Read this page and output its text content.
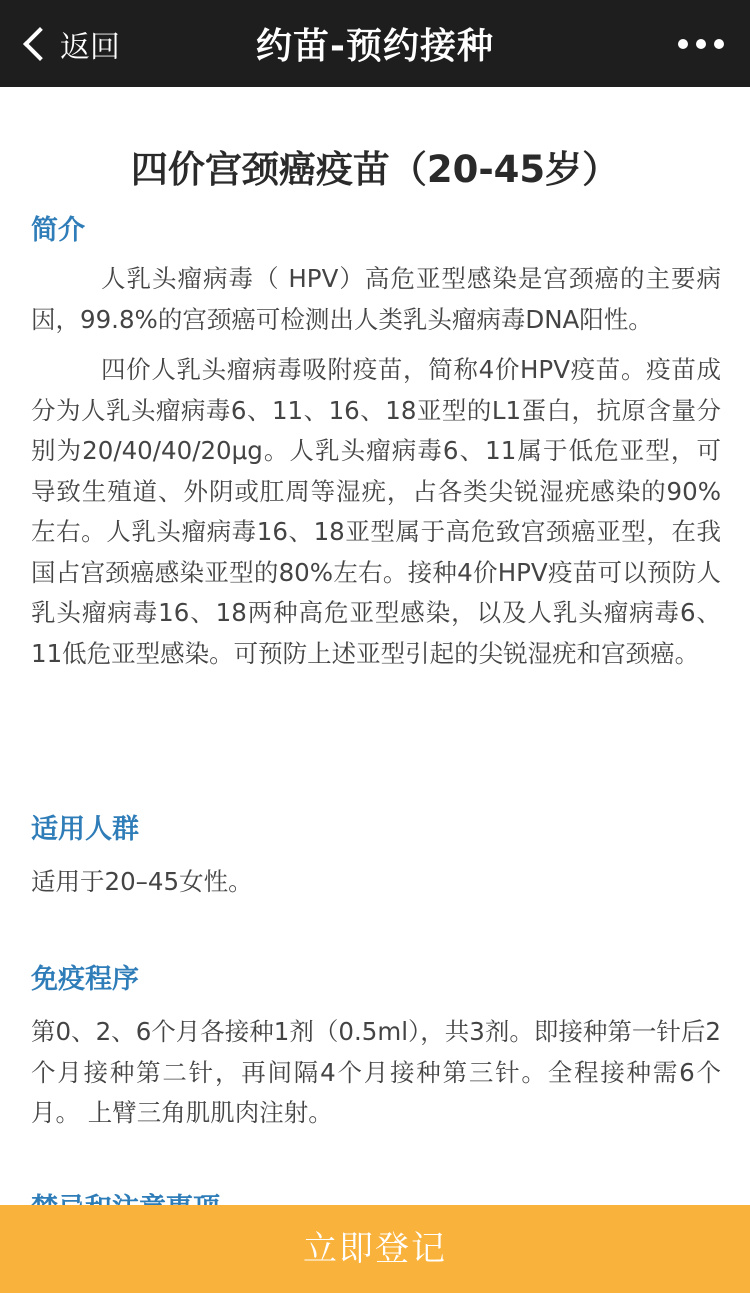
返回	约苗-预约接种
四价宫颈癌疫苗（20-45岁）
简介
人乳头瘤病毒（ HPV）高危亚型感染是宫颈癌的主要病因，99.8%的宫颈癌可检测出人类乳头瘤病毒DNA阳性。
四价人乳头瘤病毒吸附疫苗，简称4价HPV疫苗。疫苗成分为人乳头瘤病毒6、11、16、18亚型的L1蛋白，抗原含量分别为20/40/40/20μg。人乳头瘤病毒6、11属于低危亚型，可导致生殖道、外阴或肛周等湿疣，占各类尖锐湿疣感染的90%左右。人乳头瘤病毒16、18亚型属于高危致宫颈癌亚型，在我国占宫颈癌感染亚型的80%左右。接种4价HPV疫苗可以预防人乳头瘤病毒16、18两种高危亚型感染，以及人乳头瘤病毒6、11低危亚型感染。可预防上述亚型引起的尖锐湿疣和宫颈癌。
适用人群
适用于20–45女性。
免疫程序
第0、2、6个月各接种1剂（0.5ml），共3剂。即接种第一针后2个月接种第二针，再间隔4个月接种第三针。全程接种需6个月。 上臂三角肌肌肉注射。
立即登记
